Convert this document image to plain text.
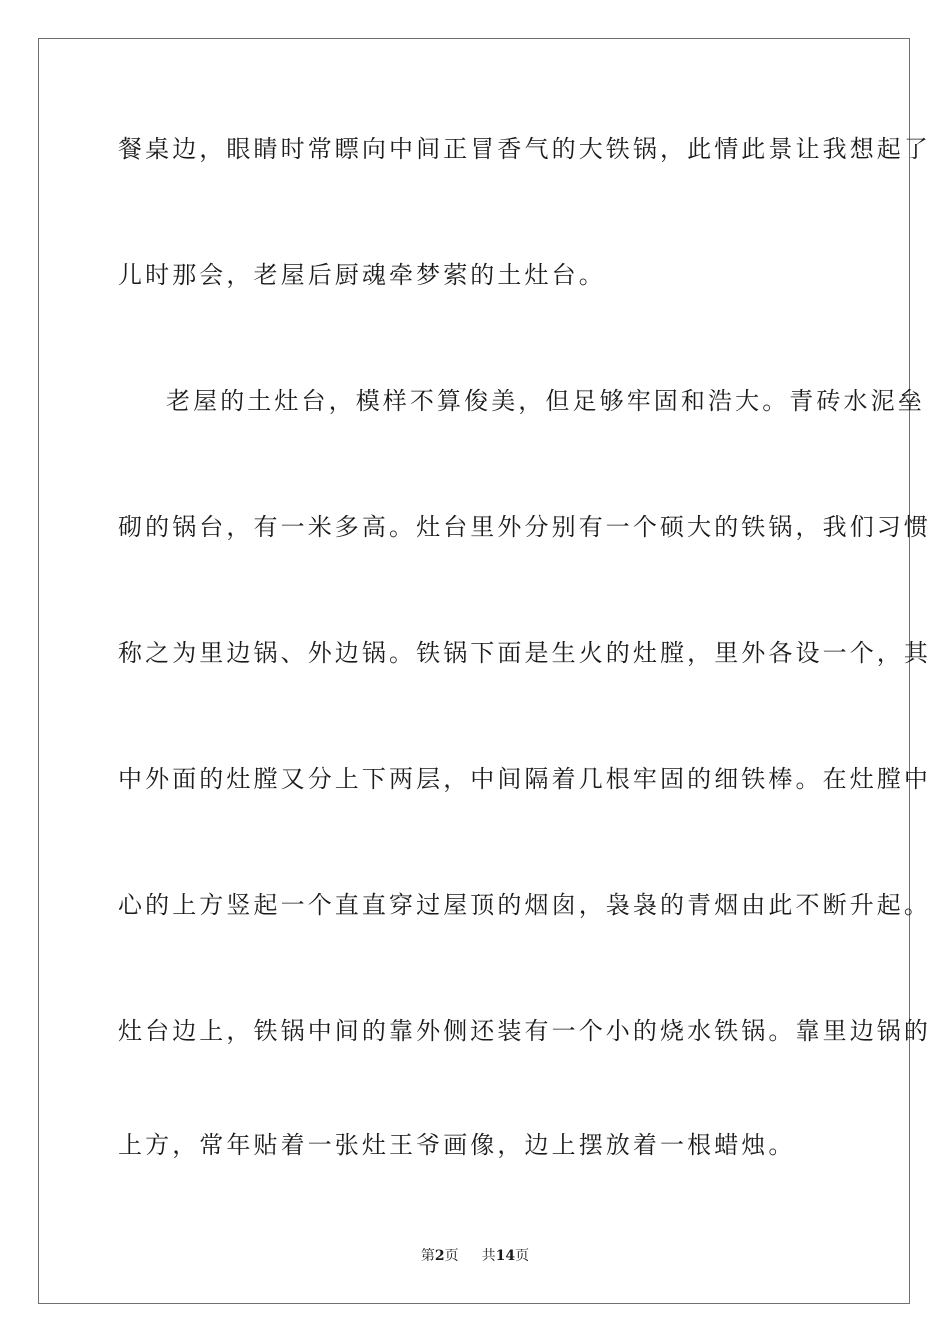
餐桌边，眼睛时常瞟向中间正冒香气的大铁锅，此情此景让我想起了
儿时那会，老屋后厨魂牵梦萦的土灶台。
老屋的土灶台，模样不算俊美，但足够牢固和浩大。青砖水泥垒
砌的锅台，有一米多高。灶台里外分别有一个硕大的铁锅，我们习惯
称之为里边锅、外边锅。铁锅下面是生火的灶膛，里外各设一个，其
中外面的灶膛又分上下两层，中间隔着几根牢固的细铁棒。在灶膛中
心的上方竖起一个直直穿过屋顶的烟囱，袅袅的青烟由此不断升起。
灶台边上，铁锅中间的靠外侧还装有一个小的烧水铁锅。靠里边锅的
上方，常年贴着一张灶王爷画像，边上摆放着一根蜡烛。
第2页 共14页
